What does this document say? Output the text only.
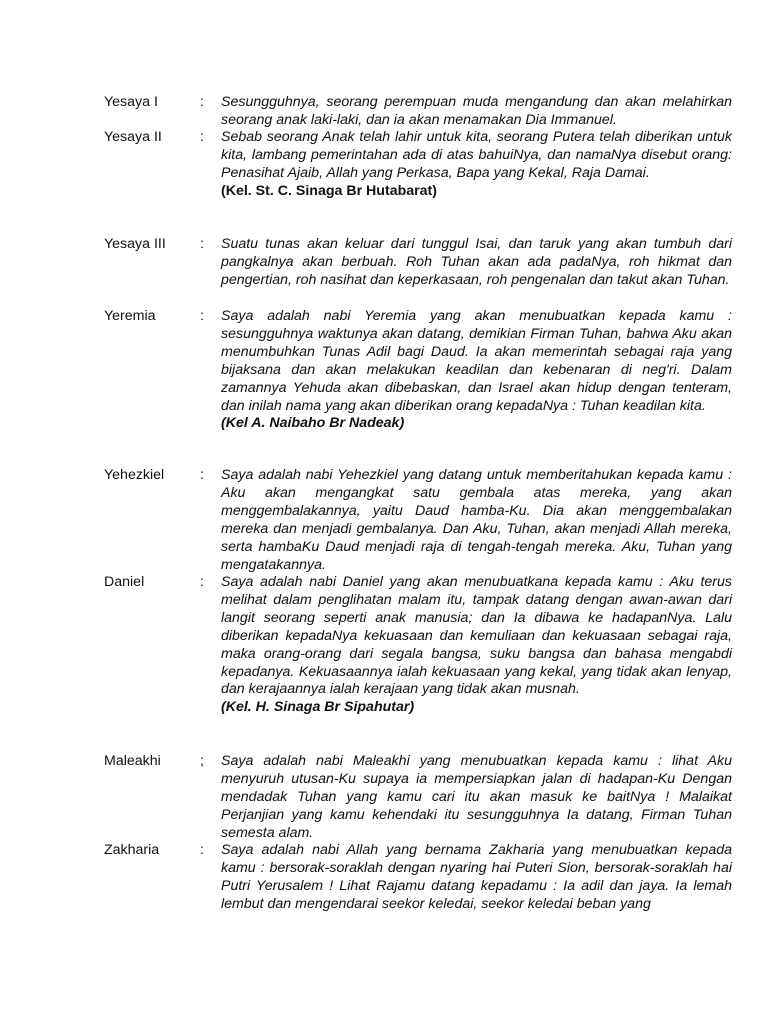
Yesaya I	:	Sesungguhnya, seorang perempuan muda mengandung dan akan melahirkan seorang anak laki-laki, dan ia akan menamakan Dia Immanuel.

Yesaya II	:	Sebab seorang Anak telah lahir untuk kita, seorang Putera telah diberikan untuk kita, lambang pemerintahan ada di atas bahuiNya, dan namaNya disebut orang: Penasihat Ajaib, Allah yang Perkasa, Bapa yang Kekal, Raja Damai.

(Kel. St. C. Sinaga Br Hutabarat)

Yesaya III	:	Suatu tunas akan keluar dari tunggul Isai, dan taruk yang akan tumbuh dari pangkalnya akan berbuah. Roh Tuhan akan ada padaNya, roh hikmat dan pengertian, roh nasihat dan keperkasaan, roh pengenalan dan takut akan Tuhan.

Yeremia	:	Saya adalah nabi Yeremia yang akan menubuatkan kepada kamu : sesungguhnya waktunya akan datang, demikian Firman Tuhan, bahwa Aku akan menumbuhkan Tunas Adil bagi Daud. Ia akan memerintah sebagai raja yang bijaksana dan akan melakukan keadilan dan kebenaran di neg'ri. Dalam zamannya Yehuda akan dibebaskan, dan Israel akan hidup dengan tenteram, dan inilah nama yang akan diberikan orang kepadaNya : Tuhan keadilan kita.

(Kel A. Naibaho Br Nadeak)

Yehezkiel	:	Saya adalah nabi Yehezkiel yang datang untuk memberitahukan kepada kamu : Aku akan mengangkat satu gembala atas mereka, yang akan menggembalakannya, yaitu Daud hamba-Ku. Dia akan menggembalakan mereka dan menjadi gembalanya. Dan Aku, Tuhan, akan menjadi Allah mereka, serta hambaKu Daud menjadi raja di tengah-tengah mereka. Aku, Tuhan yang mengatakannya.

Daniel	:	Saya adalah nabi Daniel yang akan menubuatkana kepada kamu : Aku terus melihat dalam penglihatan malam itu, tampak datang dengan awan-awan dari langit seorang seperti anak manusia; dan Ia dibawa ke hadapanNya. Lalu diberikan kepadaNya kekuasaan dan kemuliaan dan kekuasaan sebagai raja, maka orang-orang dari segala bangsa, suku bangsa dan bahasa mengabdi kepadanya. Kekuasaannya ialah kekuasaan yang kekal, yang tidak akan lenyap, dan kerajaannya ialah kerajaan yang tidak akan musnah.

(Kel. H. Sinaga Br Sipahutar)

Maleakhi	;	Saya adalah nabi Maleakhi yang menubuatkan kepada kamu : lihat Aku menyuruh utusan-Ku supaya ia mempersiapkan jalan di hadapan-Ku Dengan mendadak Tuhan yang kamu cari itu akan masuk ke baitNya ! Malaikat Perjanjian yang kamu kehendaki itu sesungguhnya Ia datang, Firman Tuhan semesta alam.

Zakharia	:	Saya adalah nabi Allah yang bernama Zakharia yang menubuatkan kepada kamu : bersorak-soraklah dengan nyaring hai Puteri Sion, bersorak-soraklah hai Putri Yerusalem ! Lihat Rajamu datang kepadamu : Ia adil dan jaya. Ia lemah lembut dan mengendarai seekor keledai, seekor keledai beban yang
